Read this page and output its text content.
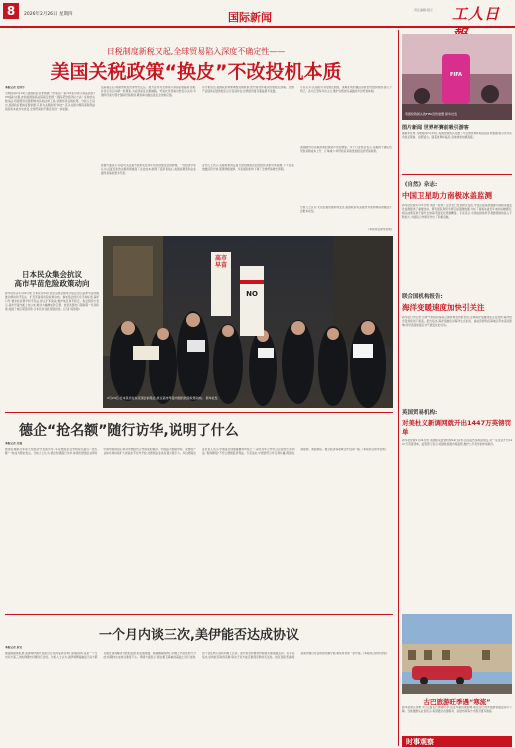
8	2026年2月26日 星期四	国际新闻
责任编辑:程元	工人日
日税制度新税又起,全球贸易陷入深度不确定性——
美国关税政策“换皮”不改投机本质
本报记者 吴伟学
当地时间2月24日,美国政府宣布根据《贸易法》第122条对进口商品征收10%临时关税,此前美国最高法院裁定依据《国际紧急经济权力法》征收的关税违法,特朗普政府随即转向其他法律工具,试图延续关税政策。分析人士指出,美国政府更换征税依据,只是为关税政策“换皮”,其以关税为筹码谋取利益的投机本质并未改变,全球贸易的不确定性进一步加剧。
法院裁定后,特朗普政府迅速作出反应。美方宣布对全球进口商品征收临时关税,并表示将启动新一轮调查,为后续加征关税铺路。贸易伙伴普遍对此表示关切,多国呼吁美方遵守国际贸易规则,避免单边做法扰乱全球供应链。
欧盟方面表示,将密切关注美方政策变化并评估对欧盟企业的影响。一些经济学家认为,反复变化的关税政策推高了企业成本,削弱了投资者信心,美国消费者和企业最终将承担更多代价。
有分析指出,美国政府频繁调整关税政策,使贸易伙伴难以形成稳定预期。全球产业链供应链的稳定运行受到冲击,世界经济复苏面临更多变数。
业内人士表示,关税政策的反复无常给跨国企业的经营决策带来困难,不少企业放缓投资计划,观望情绪浓厚。多家国际机构下调了全球贸易增长预期。
专家认为,以关税为手段施压他国、谋取私利的做法违背世贸组织规则,损人不利己。各方应坚持多边主义,维护以规则为基础的多边贸易体制。
美国国内对关税政策的质疑声也在增加。多个行业协会表示,关税的不确定性导致采购成本上升、订单减少,呼吁政府采取更加稳定的贸易政策。
分析人士认为,无论征税依据如何变化,美国政府将关税作为谈判筹码的做法不会根本改变。
(本报综合新华社电)
日本民众集会抗议
高市早苗危险政策动向
新华社东京2月24日电 日本民众24日在东京国会前举行集会,抗议高市早苗内阁推动修改和平宪法、扩充军备等危险政策动向。参加集会的民众手持标语,高呼口号,要求政府遵守和平宪法,停止扩军备战,维护地区和平稳定。集会组织方表示,高市早苗内阁上台以来,推动大幅增加防卫费、放宽武器出口限制等一系列政策,加剧了地区紧张局势,日本民众对此深感担忧。(记者 杨智翔)
高市早苗
NO
2月24日,日本民众在东京国会前集会,抗议高市早苗内阁的危险政策动向。 新华社发
德企“抢名额”随行访华,说明了什么
本报记者 吴强
德国总理默茨率领大型经济代表团访华,多家德国企业争相报名随行,“抢名额”一时成为舆论热点。分析人士认为,德企积极随行访华,体现出德国企业界对中国市场的信心和对中德经贸合作前景的看好。中国超大规模市场、完整的产业体系和持续扩大的高水平对外开放,对德国企业具有强大吸引力。多位德国企业负责人表示,中国是全球最重要的市场之一,深化对华合作符合企业的长远利益,“脱钩断链”不符合德国经济利益。专家指出,中德经贸合作互利共赢,两国在新能源、智能制造、数字经济等领域合作空间广阔。(本报综合新华社电)
一个月内谈三次,美伊能否达成协议
本报记者 黄莹
据美国媒体报道,美国和伊朗代表团近日在阿曼再次举行间接谈判,这是一个月内双方第三次就伊朗核问题进行会谈。分析人士认为,美伊频繁接触显示双方都有通过谈判解决分歧的意愿,但在铀浓缩、制裁解除等核心问题上仍存在较大分歧,短期内达成协议难度不小。伊朗方面表示,愿在相互尊重的基础上进行谈判,但不会在核心权利问题上让步。美方则坚持要求伊朗放弃铀浓缩活动。有专家指出,谈判能否取得突破,取决于双方能否展现足够的灵活性。地区国家普遍希望美伊通过对话协商化解分歧,避免局势进一步升级。(本报综合新华社电)
FIFA
英国伦敦街头的FIFA宣传装置 新华社发
图片新闻 世界杯赛前吸引游客
据新华社电 当地时间2月25日,英国伦敦街头设置了与足球世界杯相关的宣传装置,吸引众多民众驻足观看、拍照留念。随着世界杯临近,各地球迷热情高涨。
《自然》杂志:
中国卫星助力南极冰盖监测
新华社伦敦2月25日电 英国《自然》杂志近日发表研究指出,中国卫星遥感数据为南极冰盖变化监测提供了重要支持。研究团队利用多源卫星观测数据,分析了南极冰盖近年来的消融情况,相关成果有助于提升全球海平面变化预测精度。专家表示,中国在极地科学观测领域的投入不断加大,为国际合作研究作出了积极贡献。
联合国机构报告:
海洋变暖速度加快引关注
新华社日内瓦电 世界气象组织等联合国机构发布报告说,全球海洋变暖速度正在加快,海洋热含量持续创下新高。报告指出,海洋变暖将对海洋生态系统、渔业资源和沿海地区带来深远影响,呼吁各国加强应对气候变化的行动。
英国贸易机构:
对美杜义新调网就开出1447万英镑罚单
新华社伦敦2月24日电 英国相关监管机构24日宣布,因违反贸易相关规定,对一家企业开出1447万英镑罚单。监管部门表示,将继续加强市场监管,维护公平竞争的市场秩序。
古巴旅游旺季遇“寒流”
新华社哈瓦那电 2月正值古巴旅游旺季,但受多重因素影响,前往古巴的外国游客数量有所下降。当地旅游从业者表示,希望通过改善服务、拓展市场等方式吸引更多游客。
时事观察
